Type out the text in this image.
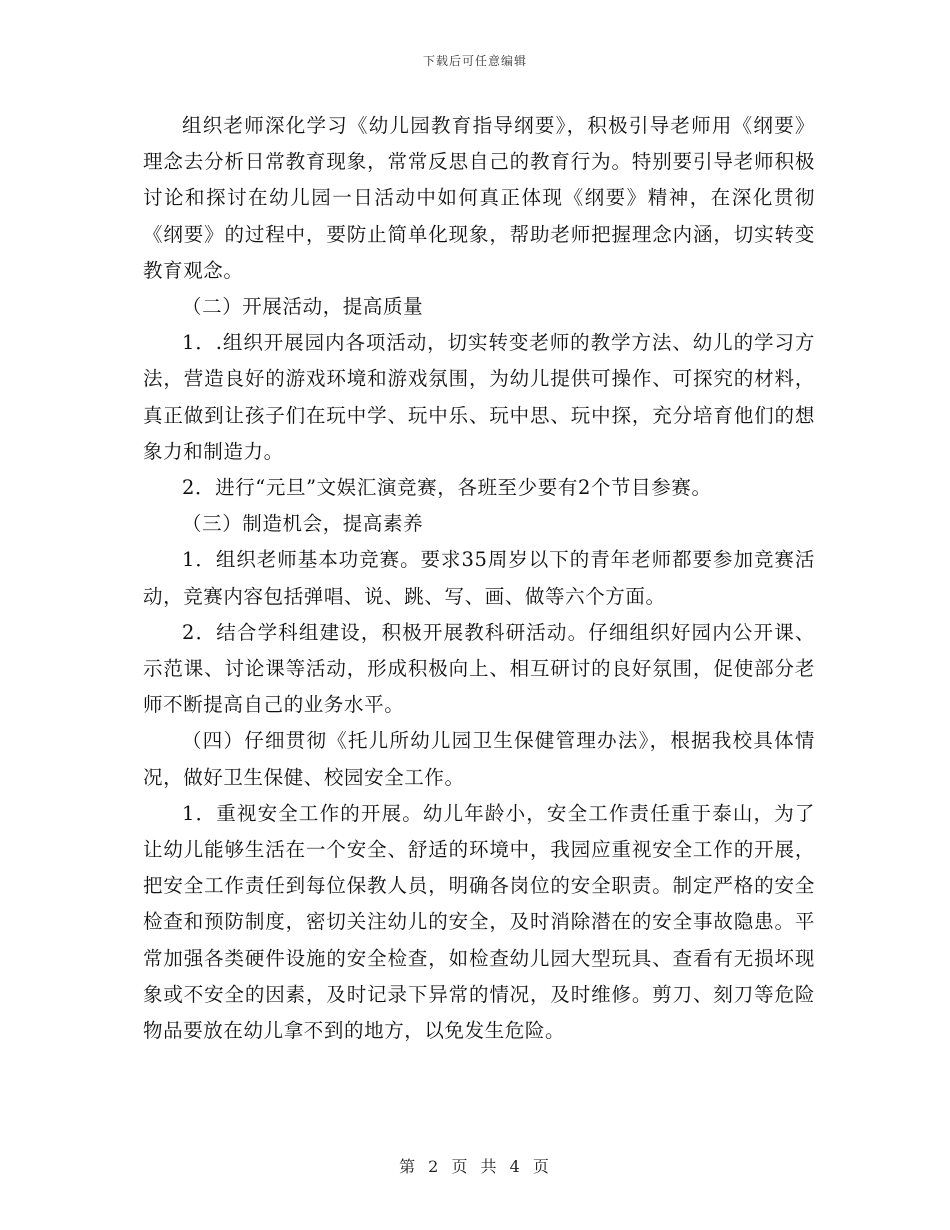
下载后可任意编辑

组织老师深化学习《幼儿园教育指导纲要》，积极引导老师用《纲要》理念去分析日常教育现象，常常反思自己的教育行为。特别要引导老师积极讨论和探讨在幼儿园一日活动中如何真正体现《纲要》精神，在深化贯彻《纲要》的过程中，要防止简单化现象，帮助老师把握理念内涵，切实转变教育观念。

（二）开展活动，提高质量

1．.组织开展园内各项活动，切实转变老师的教学方法、幼儿的学习方法，营造良好的游戏环境和游戏氛围，为幼儿提供可操作、可探究的材料，真正做到让孩子们在玩中学、玩中乐、玩中思、玩中探，充分培育他们的想象力和制造力。

2．进行“元旦”文娱汇演竞赛，各班至少要有2个节目参赛。

（三）制造机会，提高素养

1．组织老师基本功竞赛。要求35周岁以下的青年老师都要参加竞赛活动，竞赛内容包括弹唱、说、跳、写、画、做等六个方面。

2．结合学科组建设，积极开展教科研活动。仔细组织好园内公开课、示范课、讨论课等活动，形成积极向上、相互研讨的良好氛围，促使部分老师不断提高自己的业务水平。

（四）仔细贯彻《托儿所幼儿园卫生保健管理办法》，根据我校具体情况，做好卫生保健、校园安全工作。

1．重视安全工作的开展。幼儿年龄小，安全工作责任重于泰山，为了让幼儿能够生活在一个安全、舒适的环境中，我园应重视安全工作的开展，把安全工作责任到每位保教人员，明确各岗位的安全职责。制定严格的安全检查和预防制度，密切关注幼儿的安全，及时消除潜在的安全事故隐患。平常加强各类硬件设施的安全检查，如检查幼儿园大型玩具、查看有无损坏现象或不安全的因素，及时记录下异常的情况，及时维修。剪刀、刻刀等危险物品要放在幼儿拿不到的地方，以免发生危险。

第 2 页 共 4 页
